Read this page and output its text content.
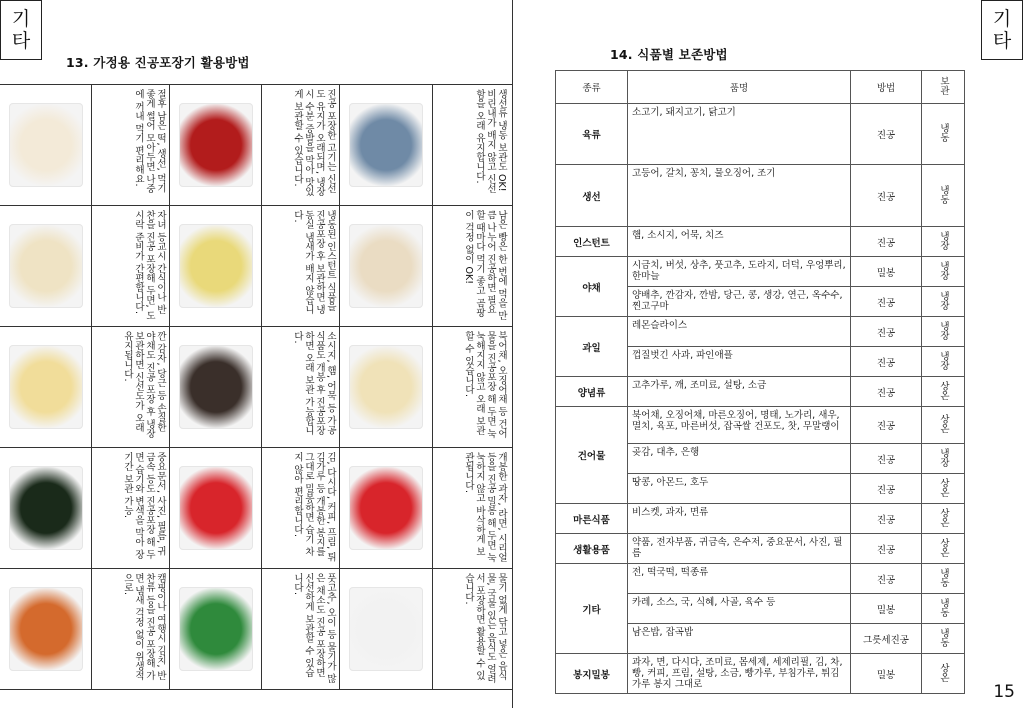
기
타
13. 가정용 진공포장기 활용방법
절후 남은 떡, 생선, 먹기 좋게 썰어 모아두면 나중에 꺼내 먹기 편리해요.	진공 포장한 고기는 신선도 유지가 오래되며, 냉장 시 수분 증발을 막아 맛있게 보관할 수 있습니다.	생선류 냉동 보관도 OK! 비린내가 배지 않고 신선함을 오래 유지합니다.
자녀 등교시 간식이나 반찬을 진공 포장해 두면, 도시락 준비가 간편합니다.	냉동된 인스턴트 식품을 진공포장 후 보관하면 냉동실 냄새가 배지 않습니다.	남은 빵은 한 번에 먹을 만큼 나누어 진공하면 필요할 때마다 먹기 좋고 곰팡이 걱정 없이 OK!
깐 감자, 당근 등 손질한 야채도 진공 포장 후 냉장 보관하면 신선도가 오래 유지됩니다.	소시지, 햄, 어묵 등 가공식품도 개봉 후 진공포장하면 오래 보관 가능합니다.	북어채, 오징어채 등 건어물을 진공포장 해 두면 눅눅해지지 않고 오래 보관할 수 있습니다.
중요문서, 사진, 필름, 귀금속 등도 진공포장 해 두면 습기와 변색을 막아 장기간 보관 가능.	김, 다시다, 커피, 프림, 튀김가루 등 개봉한 봉지를 그대로 밀봉하면 습기 차지 않아 편리합니다.	개봉한 과자, 라면, 시리얼 등을 진공 밀봉 해 두면 눅눅하지 않고 바삭하게 보관됩니다.
캠핑이나 여행시 김치, 반찬류 등을 진공 포장해 가면 냄새 걱정 없이 위생적으로.	풋고추, 오이 등 물기가 많은 채소도 진공 포장하면 신선하게 보관할 수 있습니다.	물기 없게 닦고 넣은 음식물, 국물 있는 음식도 얼려서 포장하면 활용할 수 있습니다.
기
타
14. 식품별 보존방법
종류	품명	방법	보관
육류	소고기, 돼지고기, 닭고기	진공	냉동
생선	고등어, 갈치, 꽁치, 물오징어, 조기	진공	냉동
인스턴트	햄, 소시지, 어묵, 치즈	진공	냉장
야채	시금치, 버섯, 상추, 풋고추, 도라지, 더덕, 우엉뿌리, 한마늘	밀봉	냉장
	양배추, 깐감자, 깐밤, 당근, 콩, 생강, 연근, 옥수수, 찐고구마	진공	냉장
과일	레몬슬라이스	진공	냉장
	껍질벗긴 사과, 파인애플	진공	냉장
양념류	고추가루, 깨, 조미료, 설탕, 소금	진공	상온
건어물	북어채, 오징어채, 마른오징어, 명태, 노가리, 새우, 멸치, 육포, 마른버섯, 잡곡쌀 건포도, 찻, 무말랭이	진공	상온
	곶감, 대추, 은행	진공	냉장
	땅콩, 아몬드, 호두	진공	상온
마른식품	비스켓, 과자, 면류	진공	상온
생활용품	약품, 전자부품, 귀금속, 은수저, 중요문서, 사진, 필름	진공	상온
기타	전, 떡국떡, 떡종류	진공	냉동
	카레, 소스, 국, 식혜, 사골, 육수 등	밀봉	냉동
	남은밥, 잡곡밥	그릇세진공	냉동
봉지밀봉	과자, 면, 다시다, 조미료, 몸세제, 세제리필, 김, 차, 빵, 커피, 프림, 설탕, 소금, 빵가루, 부침가루, 튀김가루 봉지 그대로	밀봉	상온
15
